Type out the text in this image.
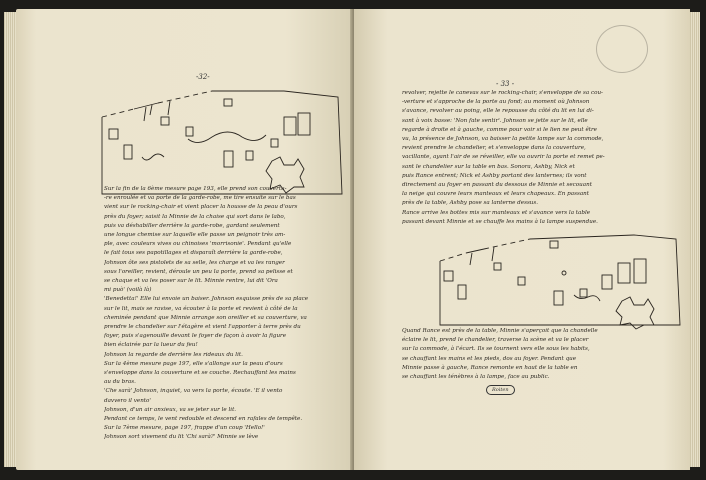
-32-

Sur la fin de la 6ème mesure page 193, elle prend son couvertu-

-re enroulée et va porte de la garde-robe, me tire ensuite sur le bas

vient sur le rocking-chair et vient placer la housse de la peau d'ours

près du foyer; saisit la Minnie de la chaise qui sort dans le labo,

puis va déshabiller derrière la garde-robe, gardant seulement

une longue chemise sur laquelle elle passe un peignoir très am-

ple, avec couleurs vives ou chinoises 'morrisonie'. Pendant qu'elle

le fait tous ses papotillages et disparaît derrière la garde-robe,

Johnson ôte ses pistolets de sa selle, les charge et va les ranger

sous l'oreiller, revient, déroule un peu la porte, prend sa pelisse et

se chaque et va les poser sur le lit. Minnie rentre, lui dit 'Ora

mi può' (voilà là)

'Benedetta!' Elle lui envoie un baiser. Johnson esquisse près de sa place

sur le lit, mais se ravise, va écouter à la porte et revient à côté de la

cheminée pendant que Minnie arrange son oreiller et sa couverture, va

prendre le chandelier sur l'étagère et vient l'apporter à terre près du

foyer, puis s'agenouille devant le foyer de façon à avoir la figure

bien éclairée par la lueur du feu!

Johnson la regarde de derrière les rideaux du lit.

Sur la 4ème mesure page 197, elle s'allonge sur la peau d'ours

s'enveloppe dans la couverture et se couche. Rechauffant les mains

au du bras.

'Che sarà' Johnson, inquiet, va vers la porte, écoute. 'E il vento

davvero il vento'

Johnson, d'un air anxieux, va se jeter sur le lit.

Pendant ce temps, le vent redouble et descend en rafales de tempête.

Sur la 7ème mesure, page 197, frappe d'un coup 'Hello!'

Johnson sort vivement du lit 'Chi sarà?' Minnie se lève

- 33 -

revolver, rejette le canevas sur le rocking-chair, s'enveloppe de sa cou-

-verture et s'approche de la porte au fond; au moment où Johnson

s'avance, revolver au poing, elle le repousse du côté du lit en lui di-

sant à voix basse: 'Non fate sentir'. Johnson se jette sur le lit, elle

regarde à droite et à gauche, comme pour voir si le lien ne peut être

vu, la présence de Johnson, va baisser la petite lampe sur la commode,

revient prendre le chandelier, et s'enveloppe dans la couverture,

vacillante, ayant l'air de se réveiller, elle va ouvrir la porte et remet pe-

sant le chandelier sur la table en bas. Sonora, Ashby, Nick et

puis Rance entrent; Nick et Ashby portant des lanternes; ils vont

directement au foyer en passant du dessous de Minnie et secouant

la neige qui couvre leurs manteaux et leurs chapeaux. En passant

près de la table, Ashby pose sa lanterne dessus.

Rance arrive les bottes mis sur manteaux et s'avance vers la table

passant devant Minnie et se chauffe les mains à la lampe suspendue.

Quand Rance est près de la table, Minnie s'aperçoit que la chandelle

éclaire le lit, prend le chandelier, traverse la scène et va le placer

sur la commode, à l'écart. Ils se tournent vers elle sous les habits,

se chauffant les mains et les pieds, dos au foyer. Pendant que

Minnie passe à gauche, Rance remonte en haut de la table en

se chauffant les ténèbres à la lampe, face au public.

Roiten
